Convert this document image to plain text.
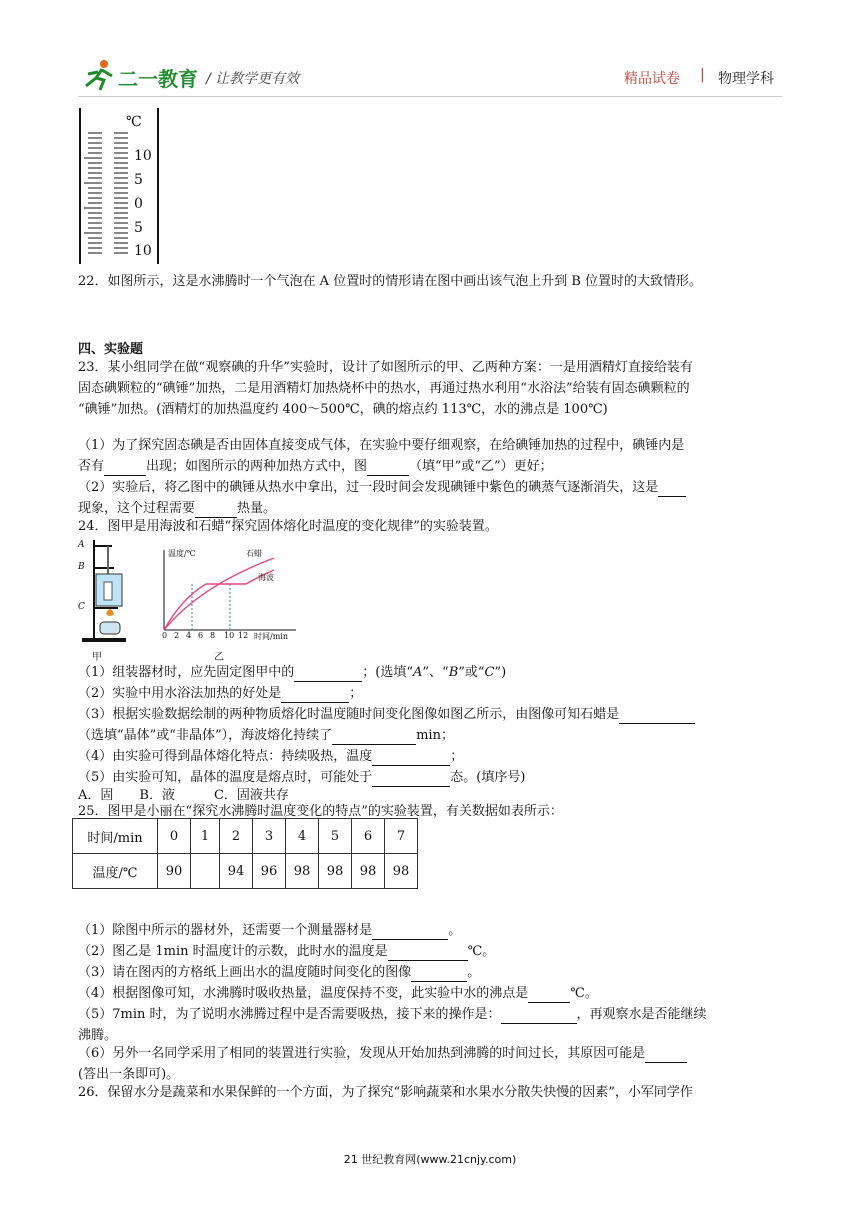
二一教育 / 让教学更有效	精品试卷 | 物理学科
℃
10
5
0
5
10
22．如图所示，这是水沸腾时一个气泡在 A 位置时的情形请在图中画出该气泡上升到 B 位置时的大致情形。
四、实验题
23．某小组同学在做“观察碘的升华”实验时，设计了如图所示的甲、乙两种方案：一是用酒精灯直接给装有
固态碘颗粒的“碘锤”加热，二是用酒精灯加热烧杯中的热水，再通过热水利用“水浴法”给装有固态碘颗粒的
“碘锤”加热。(酒精灯的加热温度约 400～500℃，碘的熔点约 113℃，水的沸点是 100℃)
（1）为了探究固态碘是否由固体直接变成气体，在实验中要仔细观察，在给碘锤加热的过程中，碘锤内是
否有	出现；如图所示的两种加热方式中，图	（填“甲”或“乙”）更好；
（2）实验后，将乙图中的碘锤从热水中拿出，过一段时间会发现碘锤中紫色的碘蒸气逐渐消失，这是
现象，这个过程需要	热量。
24．图甲是用海波和石蜡“探究固体熔化时温度的变化规律”的实验装置。
A
B
C
甲
温度/℃	石蜡
海波
0 2 4 6 8 10 12 时间/min
乙
（1）组装器材时，应先固定图甲中的	；(选填“A”、“B”或“C”)
（2）实验中用水浴法加热的好处是	；
（3）根据实验数据绘制的两种物质熔化时温度随时间变化图像如图乙所示，由图像可知石蜡是
（选填“晶体”或“非晶体”），海波熔化持续了	min；
（4）由实验可得到晶体熔化特点：持续吸热，温度	；
（5）由实验可知，晶体的温度是熔点时，可能处于	态。(填序号)
A．固　　B．液　　　C．固液共存
25．图甲是小丽在“探究水沸腾时温度变化的特点”的实验装置，有关数据如表所示：
时间/min	0	1	2	3	4	5	6	7
温度/℃	90		94	96	98	98	98	98
（1）除图中所示的器材外，还需要一个测量器材是	。
（2）图乙是 1min 时温度计的示数，此时水的温度是	℃。
（3）请在图丙的方格纸上画出水的温度随时间变化的图像	。
（4）根据图像可知，水沸腾时吸收热量，温度保持不变，此实验中水的沸点是	℃。
（5）7min 时，为了说明水沸腾过程中是否需要吸热，接下来的操作是：	，再观察水是否能继续
沸腾。
（6）另外一名同学采用了相同的装置进行实验，发现从开始加热到沸腾的时间过长，其原因可能是
(答出一条即可)。
26．保留水分是蔬菜和水果保鲜的一个方面，为了探究“影响蔬菜和水果水分散失快慢的因素”，小军同学作
21 世纪教育网(www.21cnjy.com)
